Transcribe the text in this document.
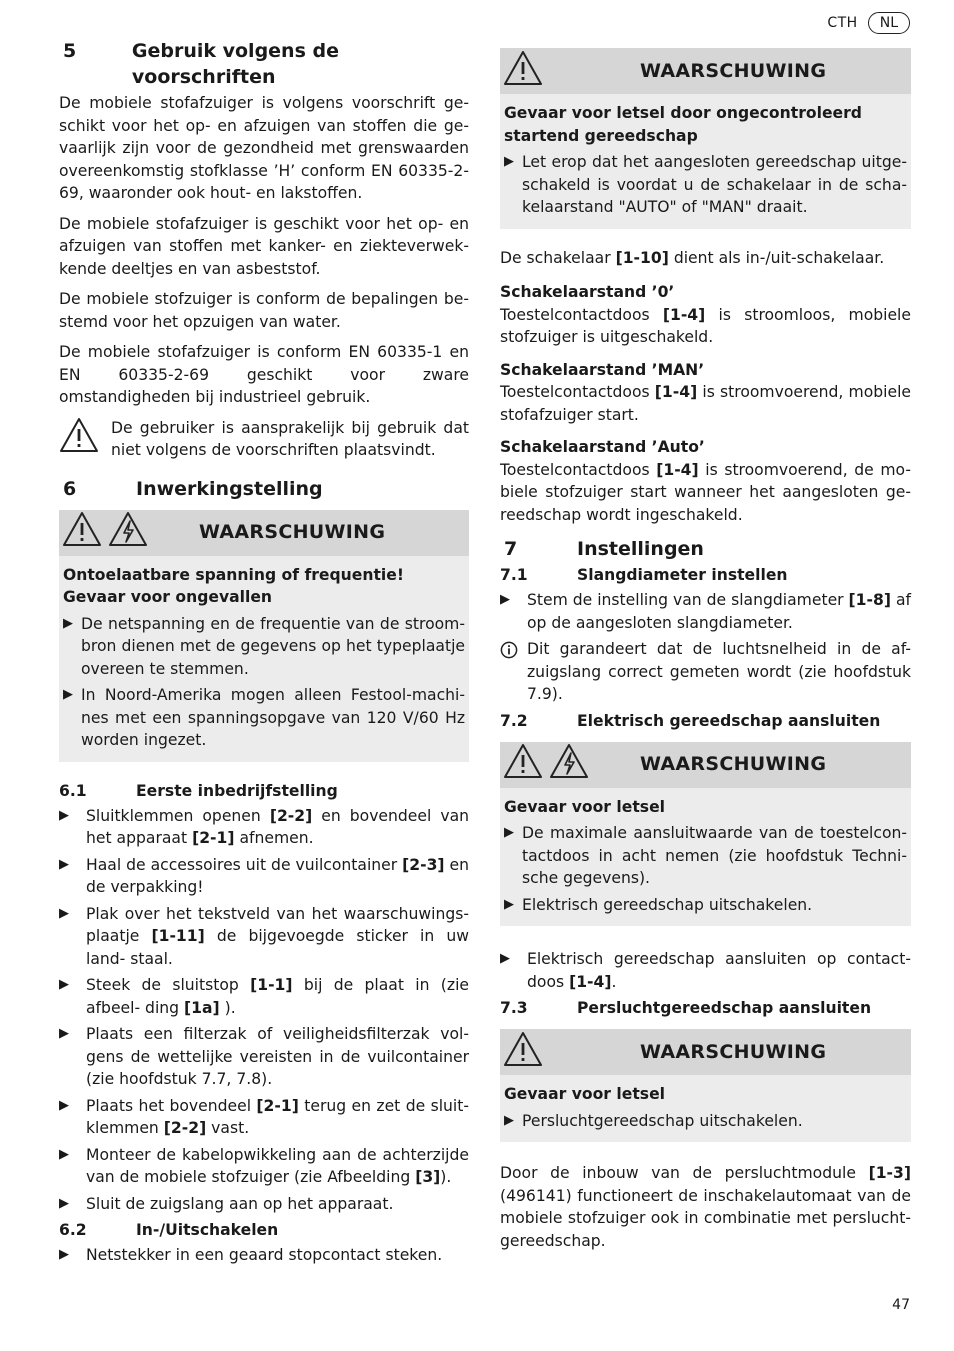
CTH	NL
5	Gebruik volgens de voorschriften
De mobiele stofafzuiger is volgens voorschrift ge- schikt voor het op- en afzuigen van stoffen die ge- vaarlijk zijn voor de gezondheid met grenswaarden overeenkomstig stofklasse ’H’ conform EN 60335-2- 69, waaronder ook hout- en lakstoffen.
De mobiele stofafzuiger is geschikt voor het op- en afzuigen van stoffen met kanker- en ziekteverwek- kende deeltjes en van asbeststof.
De mobiele stofzuiger is conform de bepalingen be- stemd voor het opzuigen van water.
De mobiele stofafzuiger is conform EN 60335-1 en EN 60335-2-69 geschikt voor zware omstandigheden bij industrieel gebruik.
De gebruiker is aansprakelijk bij gebruik dat niet volgens de voorschriften plaatsvindt.
6	Inwerkingstelling
WAARSCHUWING
Ontoelaatbare spanning of frequentie!
Gevaar voor ongevallen
▶ De netspanning en de frequentie van de stroom- bron dienen met de gegevens op het typeplaatje overeen te stemmen.
▶ In Noord-Amerika mogen alleen Festool-machi- nes met een spanningsopgave van 120 V/60 Hz worden ingezet.
6.1	Eerste inbedrijfstelling
▶	Sluitklemmen openen [2-2] en bovendeel van het apparaat [2-1] afnemen.
▶	Haal de accessoires uit de vuilcontainer [2-3] en de verpakking!
▶	Plak over het tekstveld van het waarschuwings- plaatje [1-11] de bijgevoegde sticker in uw land- staal.
▶	Steek de sluitstop [1-1] bij de plaat in (zie afbeel- ding [1a] ).
▶	Plaats een filterzak of veiligheidsfilterzak vol- gens de wettelijke vereisten in de vuilcontainer (zie hoofdstuk 7.7, 7.8).
▶	Plaats het bovendeel [2-1] terug en zet de sluit- klemmen [2-2] vast.
▶	Monteer de kabelopwikkeling aan de achterzijde van de mobiele stofzuiger (zie Afbeelding [3]).
▶	Sluit de zuigslang aan op het apparaat.
6.2	In-/Uitschakelen
▶	Netstekker in een geaard stopcontact steken.
WAARSCHUWING
Gevaar voor letsel door ongecontroleerd startend gereedschap
▶ Let erop dat het aangesloten gereedschap uitge- schakeld is voordat u de schakelaar in de scha- kelaarstand "AUTO" of "MAN" draait.
De schakelaar [1-10] dient als in-/uit-schakelaar.
Schakelaarstand ’0’
Toestelcontactdoos [1-4] is stroomloos, mobiele stofzuiger is uitgeschakeld.
Schakelaarstand ’MAN’
Toestelcontactdoos [1-4] is stroomvoerend, mobiele stofafzuiger start.
Schakelaarstand ’Auto’
Toestelcontactdoos [1-4] is stroomvoerend, de mo- biele stofzuiger start wanneer het aangesloten ge- reedschap wordt ingeschakeld.
7	Instellingen
7.1	Slangdiameter instellen
▶	Stem de instelling van de slangdiameter [1-8] af op de aangesloten slangdiameter.
Dit garandeert dat de luchtsnelheid in de af- zuigslang correct gemeten wordt (zie hoofdstuk 7.9).
7.2	Elektrisch gereedschap aansluiten
WAARSCHUWING
Gevaar voor letsel
▶ De maximale aansluitwaarde van de toestelcon- tactdoos in acht nemen (zie hoofdstuk Techni- sche gegevens).
▶ Elektrisch gereedschap uitschakelen.
▶	Elektrisch gereedschap aansluiten op contact- doos [1-4].
7.3	Persluchtgereedschap aansluiten
WAARSCHUWING
Gevaar voor letsel
▶ Persluchtgereedschap uitschakelen.
Door de inbouw van de persluchtmodule [1-3] (496141) functioneert de inschakelautomaat van de mobiele stofzuiger ook in combinatie met perslucht- gereedschap.
47
